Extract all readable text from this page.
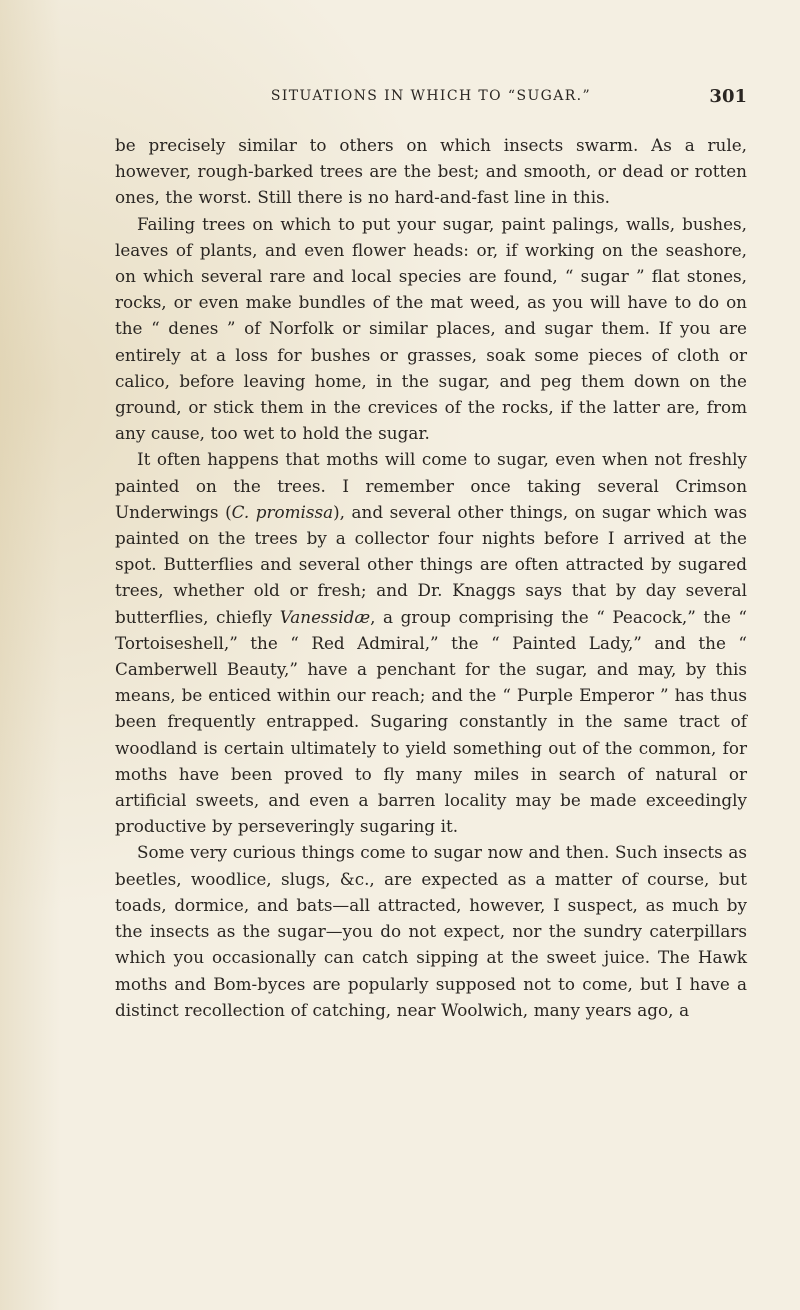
SITUATIONS IN WHICH TO “SUGAR.”	301

be precisely similar to others on which insects swarm. As a rule, however, rough-barked trees are the best; and smooth, or dead or rotten ones, the worst. Still there is no hard-and-fast line in this.

Failing trees on which to put your sugar, paint palings, walls, bushes, leaves of plants, and even flower heads: or, if working on the seashore, on which several rare and local species are found, “ sugar ” flat stones, rocks, or even make bundles of the mat weed, as you will have to do on the “ denes ” of Norfolk or similar places, and sugar them. If you are entirely at a loss for bushes or grasses, soak some pieces of cloth or calico, before leaving home, in the sugar, and peg them down on the ground, or stick them in the crevices of the rocks, if the latter are, from any cause, too wet to hold the sugar.

It often happens that moths will come to sugar, even when not freshly painted on the trees. I remember once taking several Crimson Underwings (C. promissa), and several other things, on sugar which was painted on the trees by a collector four nights before I arrived at the spot. Butterflies and several other things are often attracted by sugared trees, whether old or fresh; and Dr. Knaggs says that by day several butterflies, chiefly Vanessidæ, a group comprising the “ Peacock,” the “ Tortoiseshell,” the “ Red Admiral,” the “ Painted Lady,” and the “ Camberwell Beauty,” have a penchant for the sugar, and may, by this means, be enticed within our reach; and the “ Purple Emperor ” has thus been frequently entrapped. Sugaring constantly in the same tract of woodland is certain ultimately to yield something out of the common, for moths have been proved to fly many miles in search of natural or artificial sweets, and even a barren locality may be made exceedingly productive by perseveringly sugaring it.

Some very curious things come to sugar now and then. Such insects as beetles, woodlice, slugs, &c., are expected as a matter of course, but toads, dormice, and bats—all attracted, however, I suspect, as much by the insects as the sugar—you do not expect, nor the sundry caterpillars which you occasionally can catch sipping at the sweet juice. The Hawk moths and Bom-byces are popularly supposed not to come, but I have a distinct recollection of catching, near Woolwich, many years ago, a
